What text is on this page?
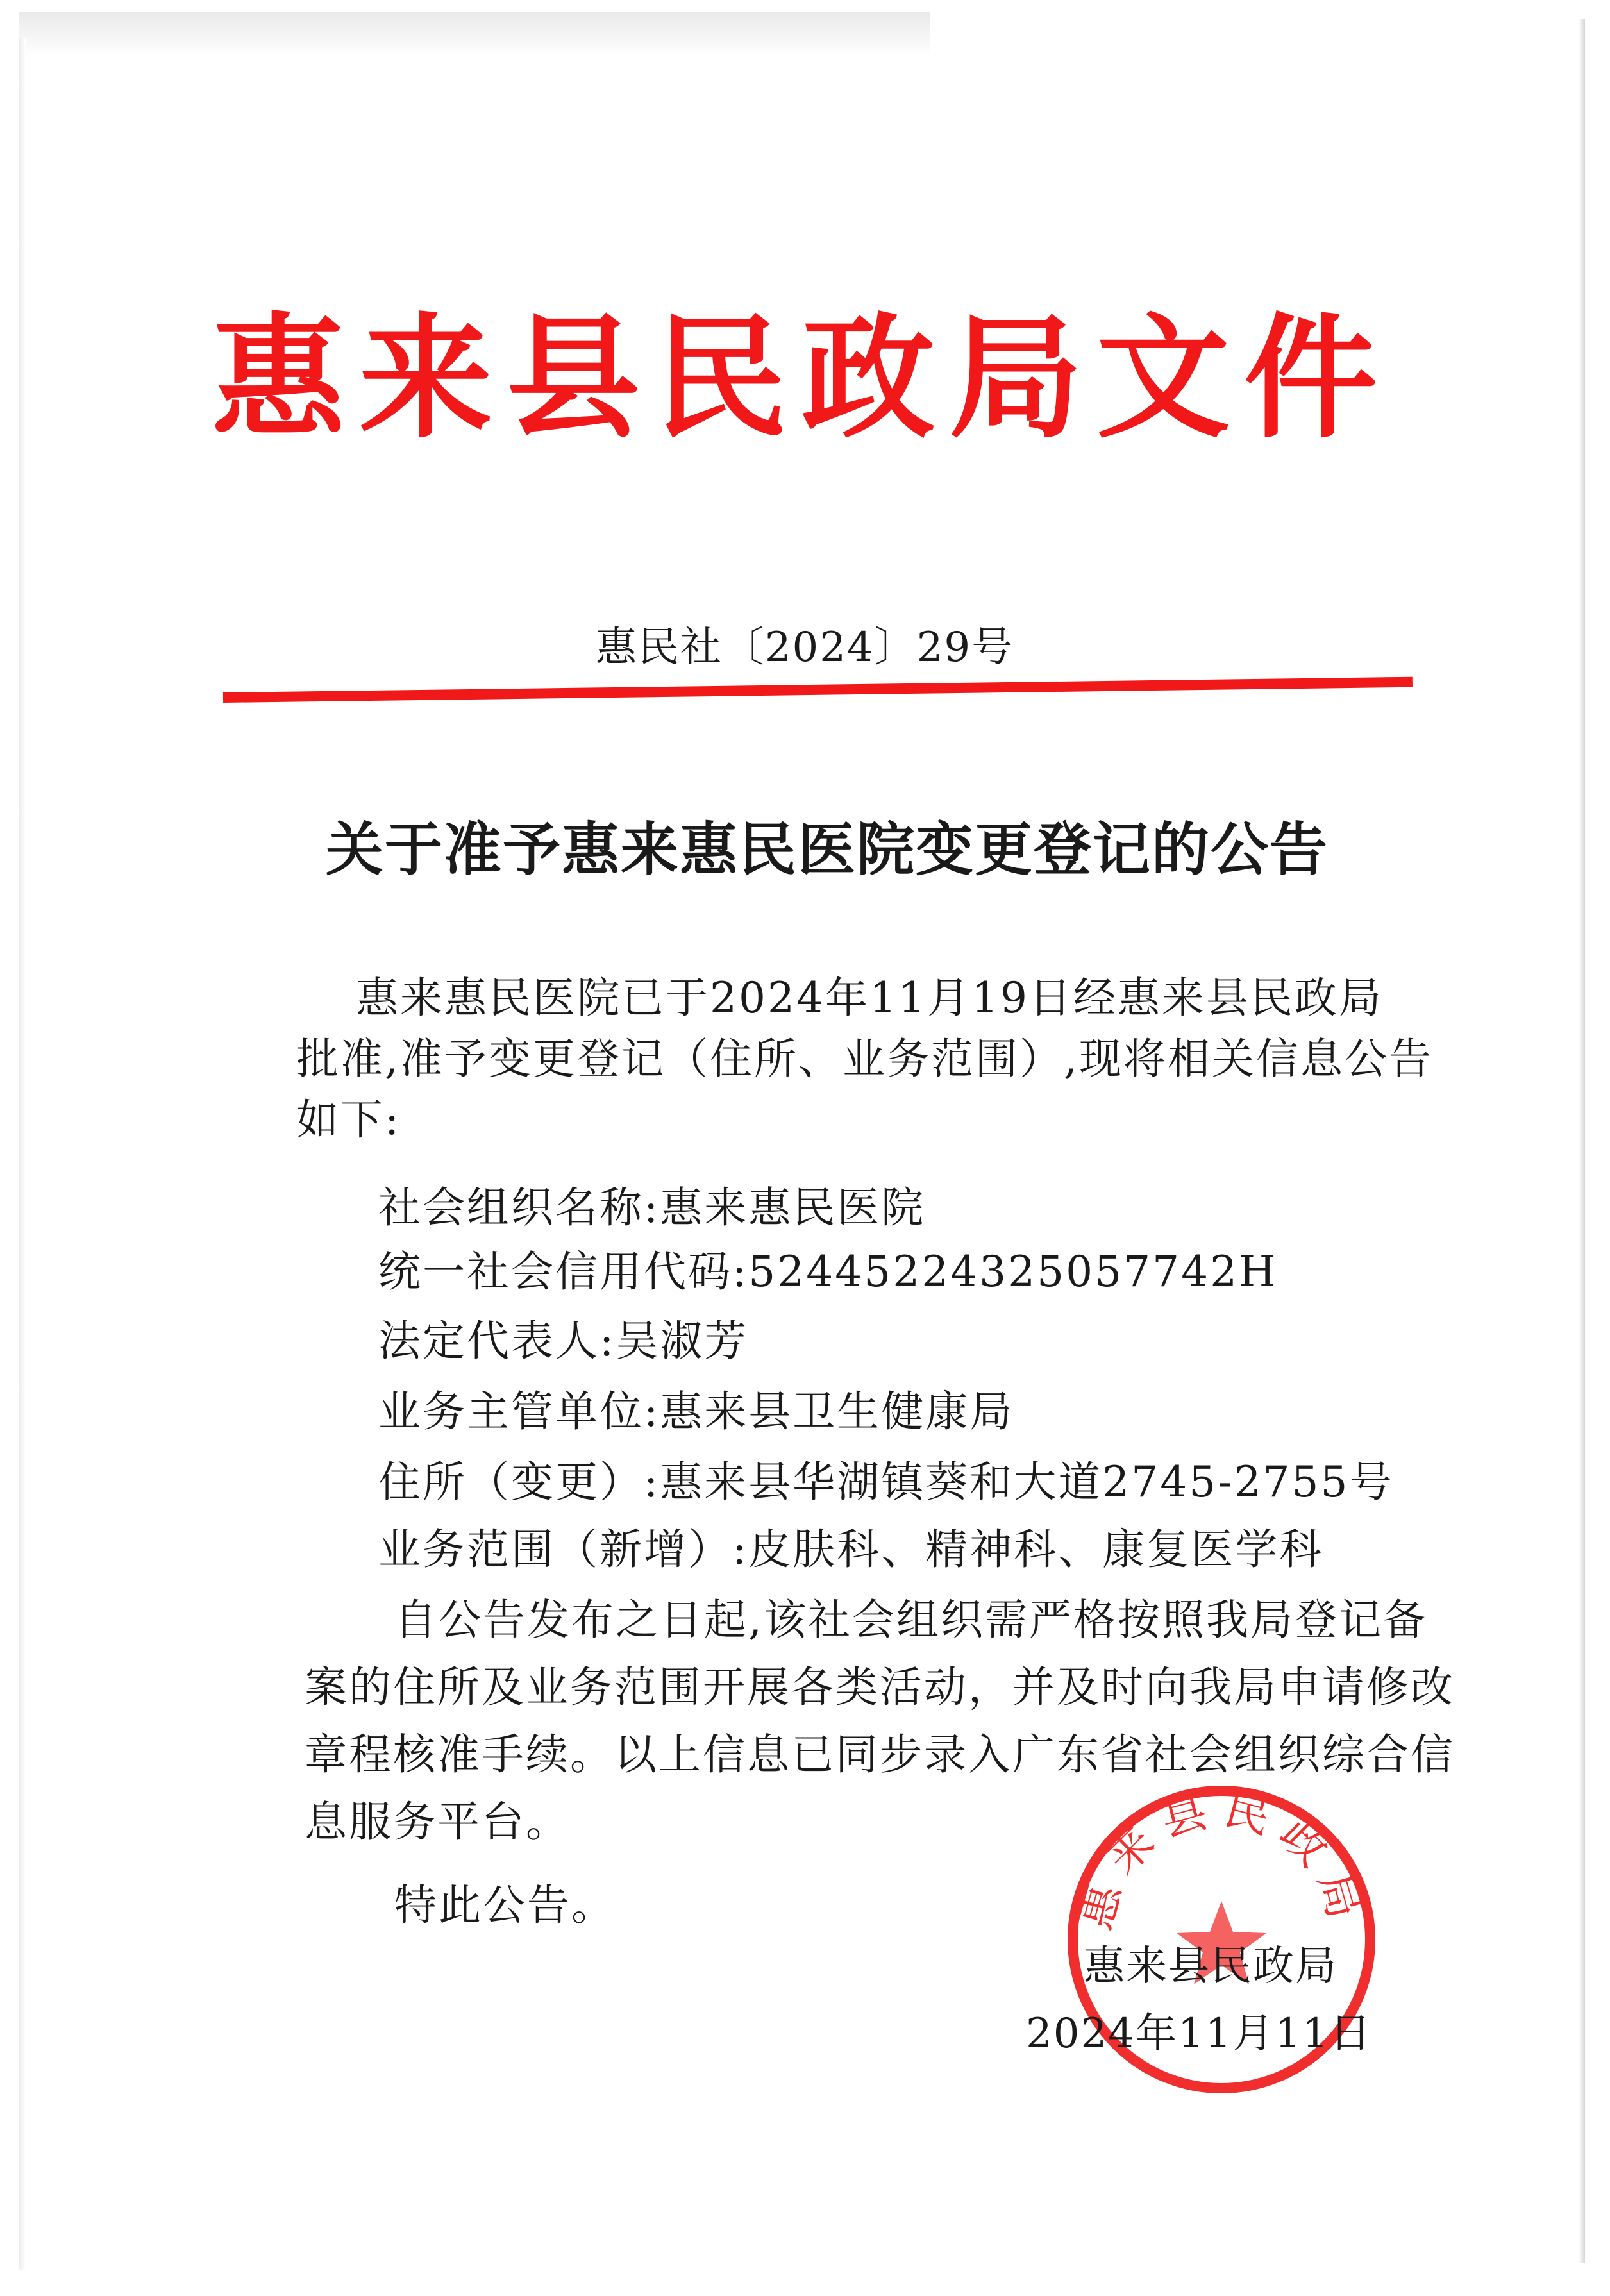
惠来县民政局文件
惠民社〔2024〕29号
关于准予惠来惠民医院变更登记的公告
惠来惠民医院已于2024年11月19日经惠来县民政局
批准,准予变更登记（住所、业务范围）,现将相关信息公告
如下:
社会组织名称:惠来惠民医院
统一社会信用代码:52445224325057742H
法定代表人:吴淑芳
业务主管单位:惠来县卫生健康局
住所（变更）:惠来县华湖镇葵和大道2745-2755号
业务范围（新增）:皮肤科、精神科、康复医学科
自公告发布之日起,该社会组织需严格按照我局登记备
案的住所及业务范围开展各类活动，并及时向我局申请修改
章程核准手续。以上信息已同步录入广东省社会组织综合信
息服务平台。
特此公告。	惠来县民政局
惠来县民政局
2024年11月11日
